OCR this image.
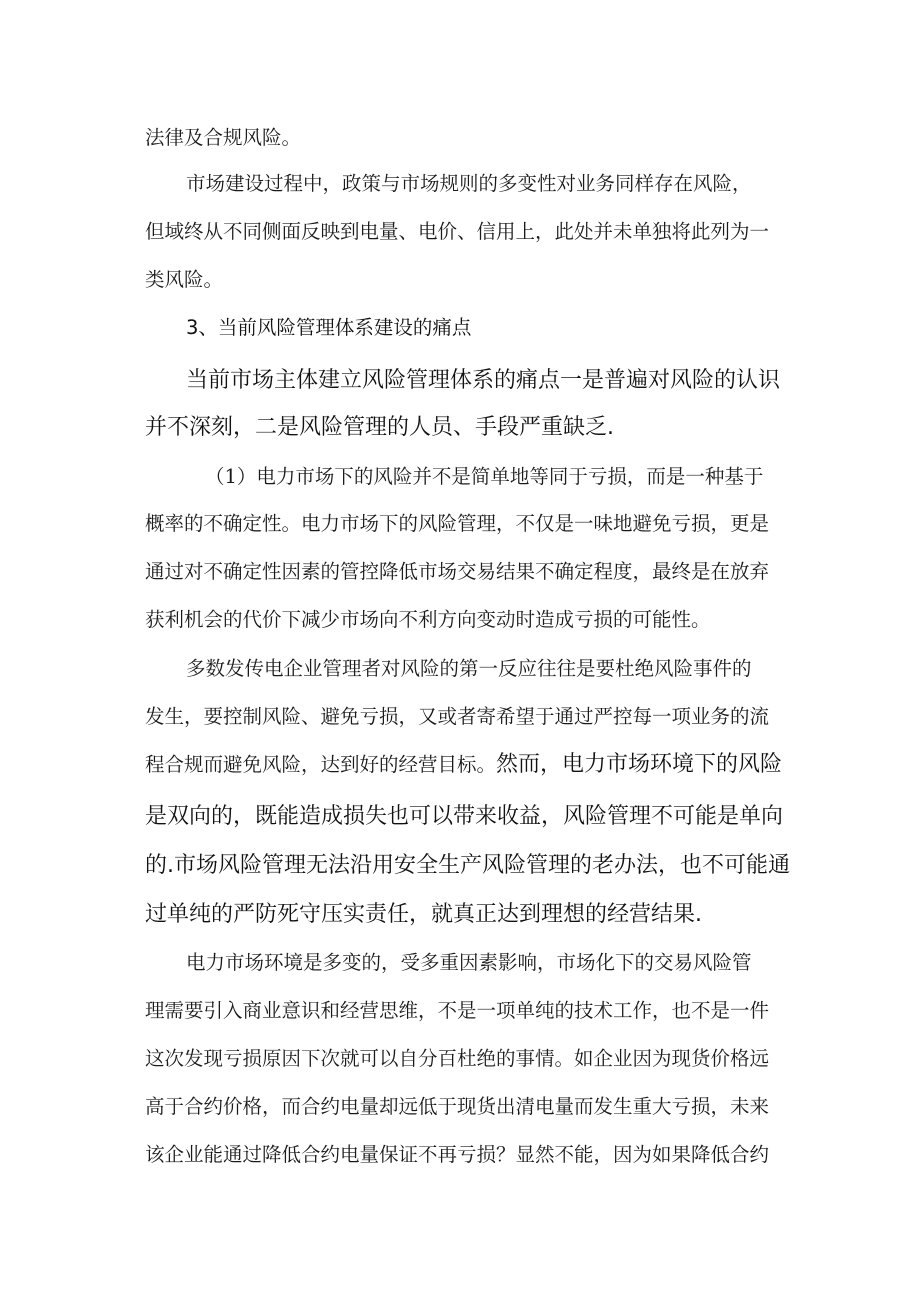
法律及合规风险。
市场建设过程中，政策与市场规则的多变性对业务同样存在风险，
但域终从不同侧面反映到电量、电价、信用上，此处并未单独将此列为一
类风险。
3、当前风险管理体系建设的痛点
当前市场主体建立风险管理体系的痛点一是普遍对风险的认识
并不深刻，二是风险管理的人员、手段严重缺乏.
（1）电力市场下的风险并不是简单地等同于亏损，而是一种基于
概率的不确定性。电力市场下的风险管理，不仅是一味地避免亏损，更是
通过对不确定性因素的管控降低市场交易结果不确定程度，最终是在放弃
获利机会的代价下减少市场向不利方向变动时造成亏损的可能性。
多数发传电企业管理者对风险的第一反应往往是要杜绝风险事件的
发生，要控制风险、避免亏损，又或者寄希望于通过严控每一项业务的流
程合规而避免风险，达到好的经营目标。然而，电力市场环境下的风险
是双向的，既能造成损失也可以带来收益，风险管理不可能是单向
的.市场风险管理无法沿用安全生产风险管理的老办法，也不可能通
过单纯的严防死守压实责任，就真正达到理想的经营结果.
电力市场环境是多变的，受多重因素影响，市场化下的交易风险管
理需要引入商业意识和经营思维，不是一项单纯的技术工作，也不是一件
这次发现亏损原因下次就可以自分百杜绝的事情。如企业因为现货价格远
高于合约价格，而合约电量却远低于现货出清电量而发生重大亏损，未来
该企业能通过降低合约电量保证不再亏损？显然不能，因为如果降低合约
